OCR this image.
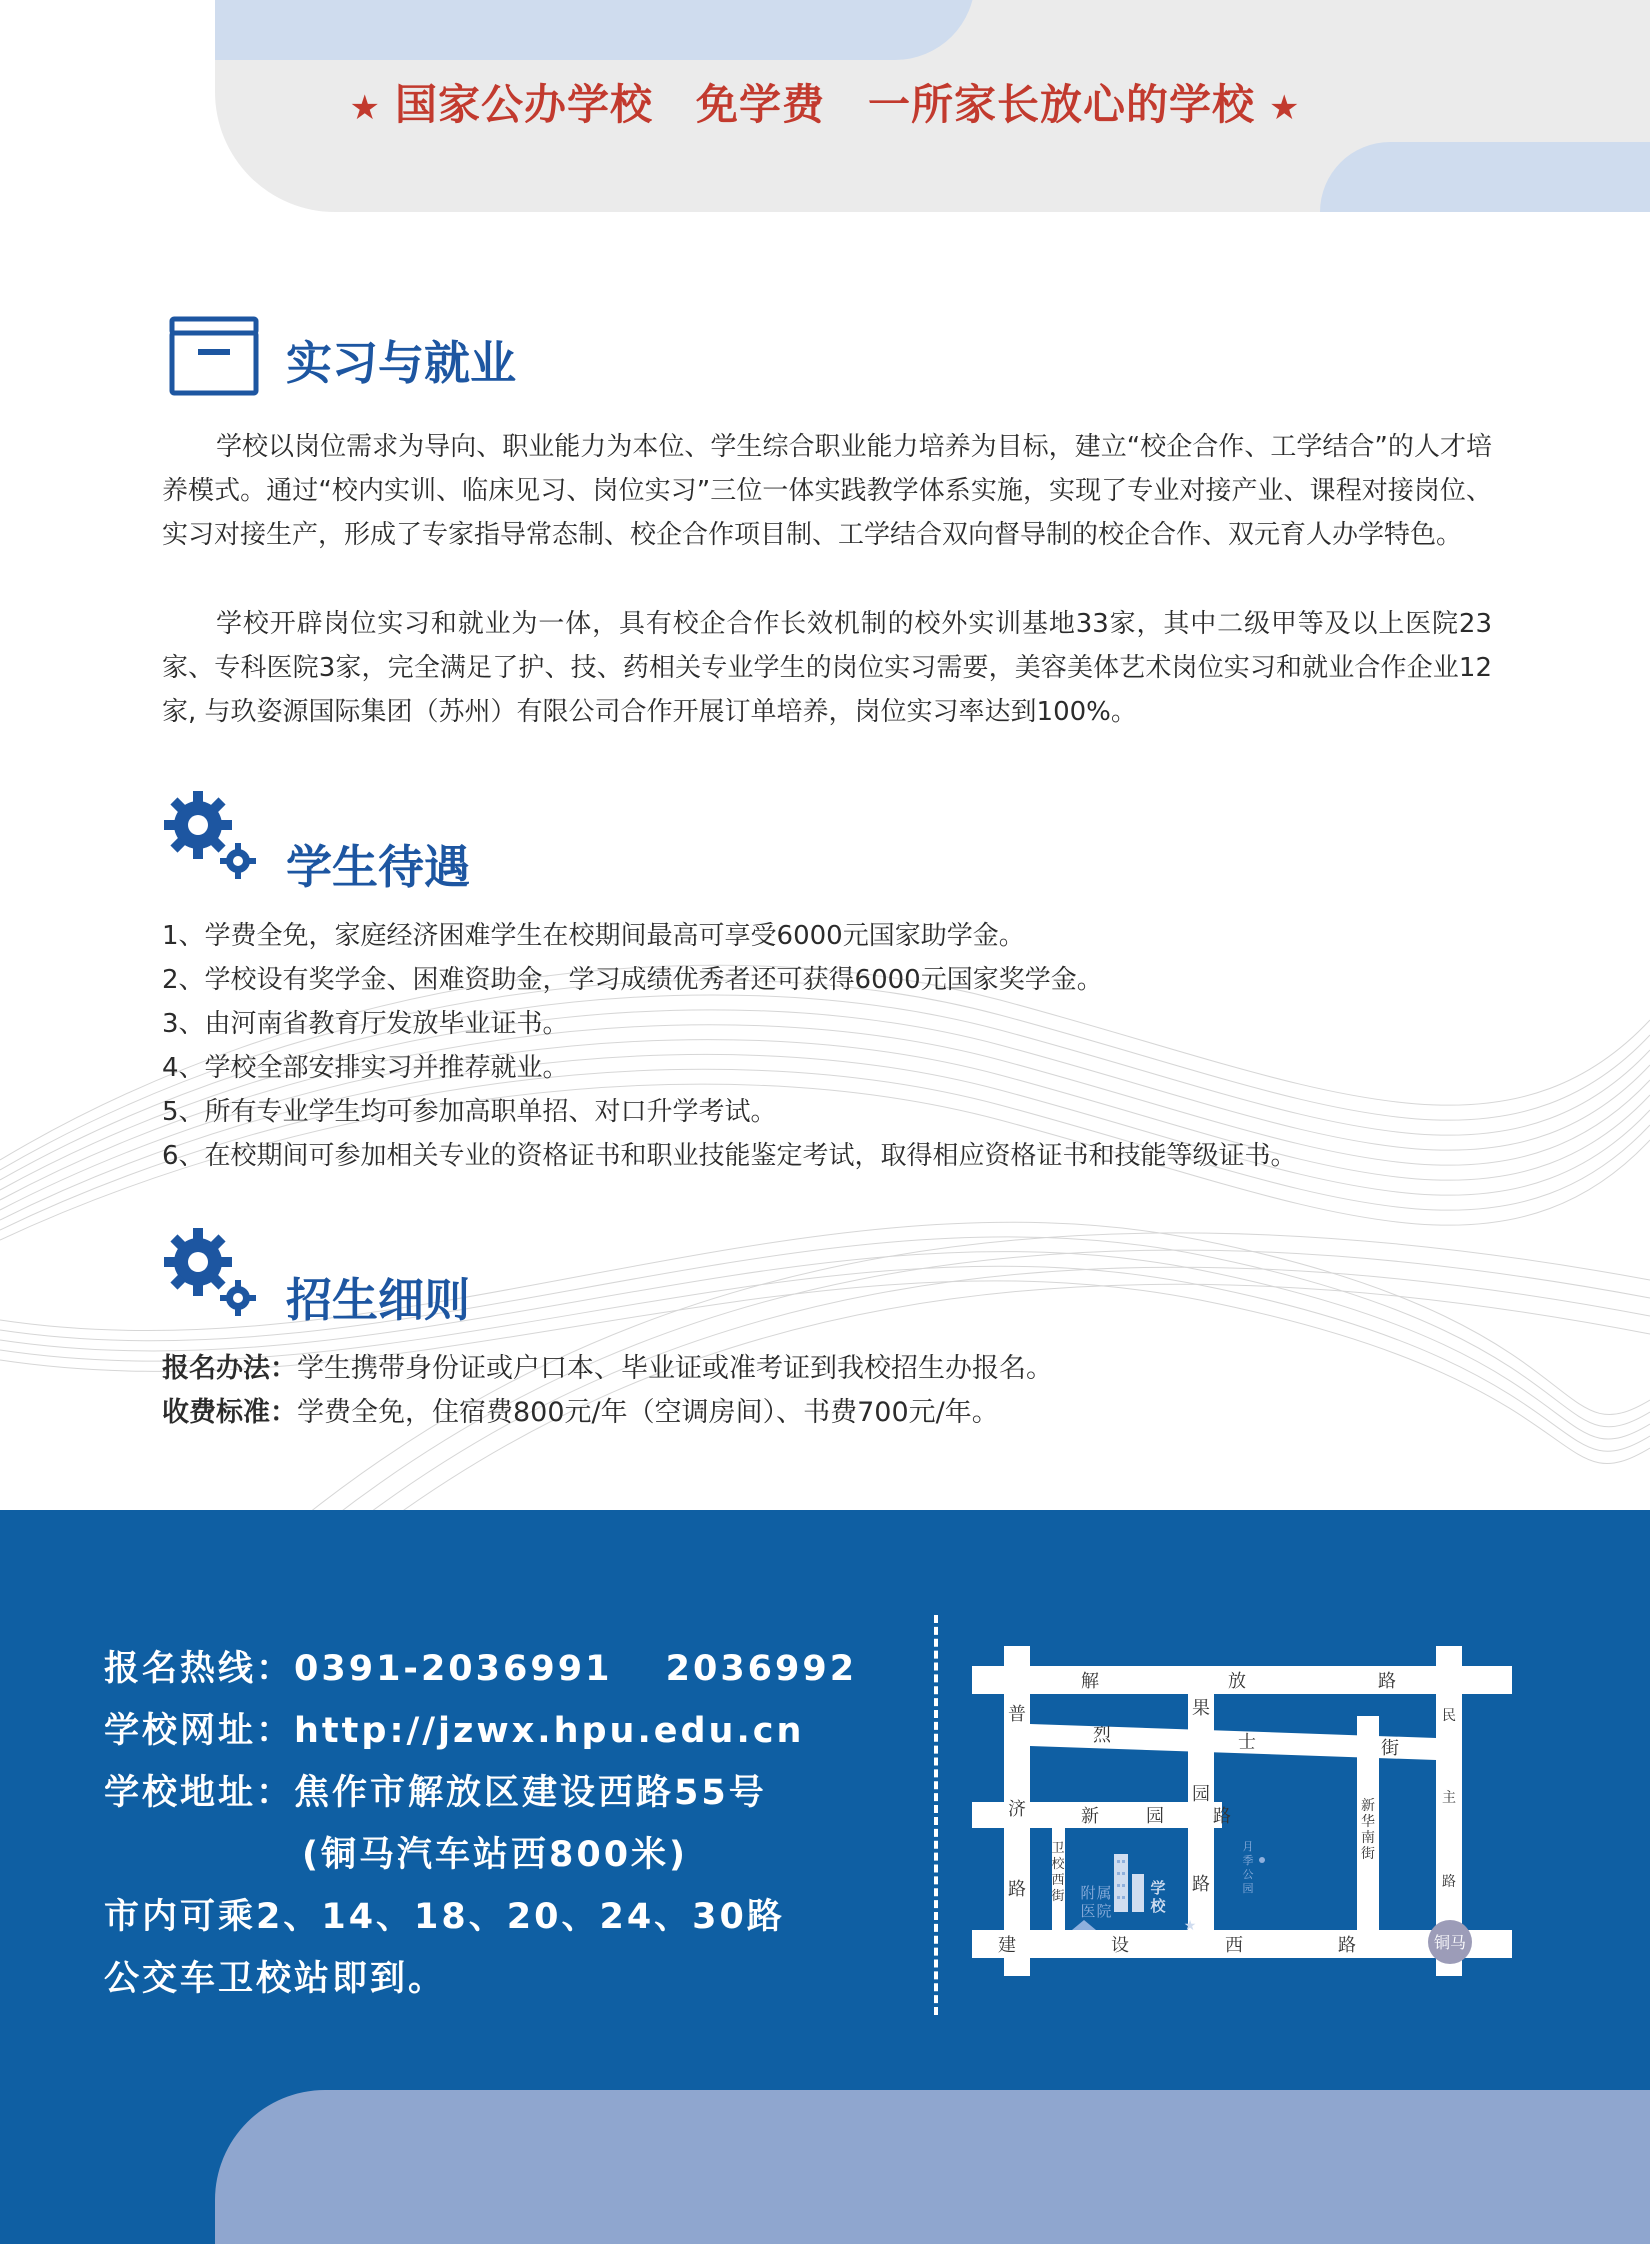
★ 国家公办学校　免学费　一所家长放心的学校 ★
实习与就业
学校以岗位需求为导向、职业能力为本位、学生综合职业能力培养为目标，建立“校企合作、工学结合”的人才培养模式。通过“校内实训、临床见习、岗位实习”三位一体实践教学体系实施，实现了专业对接产业、课程对接岗位、实习对接生产，形成了专家指导常态制、校企合作项目制、工学结合双向督导制的校企合作、双元育人办学特色。
学校开辟岗位实习和就业为一体，具有校企合作长效机制的校外实训基地33家，其中二级甲等及以上医院23家、专科医院3家，完全满足了护、技、药相关专业学生的岗位实习需要，美容美体艺术岗位实习和就业合作企业12家, 与玖姿源国际集团（苏州）有限公司合作开展订单培养，岗位实习率达到100%。
学生待遇
1、学费全免，家庭经济困难学生在校期间最高可享受6000元国家助学金。
2、学校设有奖学金、困难资助金，学习成绩优秀者还可获得6000元国家奖学金。
3、由河南省教育厅发放毕业证书。
4、学校全部安排实习并推荐就业。
5、所有专业学生均可参加高职单招、对口升学考试。
6、在校期间可参加相关专业的资格证书和职业技能鉴定考试，取得相应资格证书和技能等级证书。
招生细则
报名办法：学生携带身份证或户口本、毕业证或准考证到我校招生办报名。
收费标准：学费全免，住宿费800元/年（空调房间）、书费700元/年。
报名热线：0391-2036991　 2036992
学校网址：http://jzwx.hpu.edu.cn
学校地址：焦作市解放区建设西路55号
(铜马汽车站西800米)
市内可乘2、14、18、20、24、30路
公交车卫校站即到。
解	放	路
普
济
路
烈	士	街
新	园	路
建	设	西	路
果
园
路
民
主
路
新
华
南
街
卫
校
西
街 附 属
医 院
学
校
★
月
季
公
园
铜马
